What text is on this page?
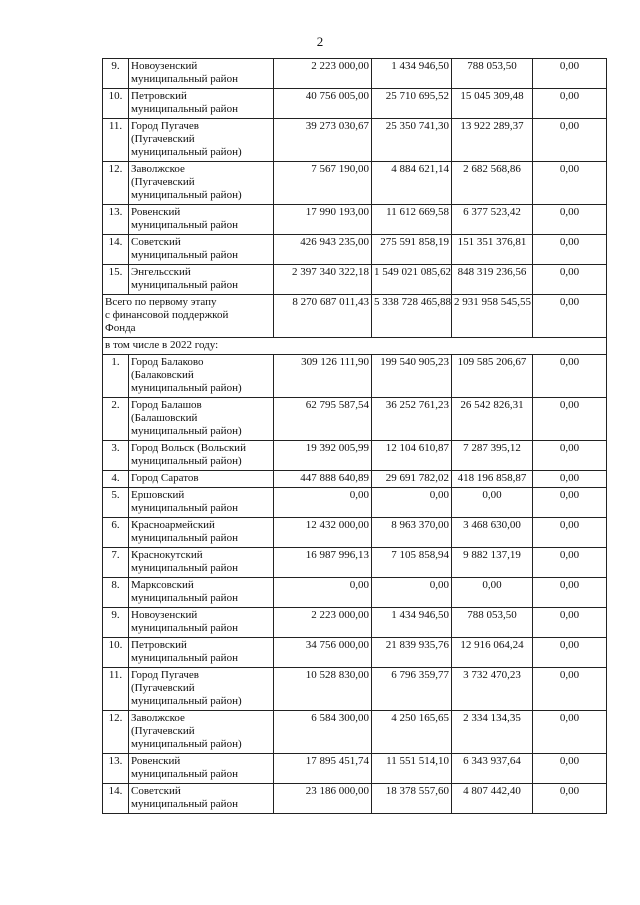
2
9.	Новоузенский
муниципальный район	2 223 000,00	1 434 946,50	788 053,50	0,00
10.	Петровский
муниципальный район	40 756 005,00	25 710 695,52	15 045 309,48	0,00
11.	Город Пугачев
(Пугачевский
муниципальный район)	39 273 030,67	25 350 741,30	13 922 289,37	0,00
12.	Заволжское
(Пугачевский
муниципальный район)	7 567 190,00	4 884 621,14	2 682 568,86	0,00
13.	Ровенский
муниципальный район	17 990 193,00	11 612 669,58	6 377 523,42	0,00
14.	Советский
муниципальный район	426 943 235,00	275 591 858,19	151 351 376,81	0,00
15.	Энгельсский
муниципальный район	2 397 340 322,18	1 549 021 085,62	848 319 236,56	0,00

Всего по первому этапу
с финансовой поддержкой
Фонда		8 270 687 011,43	5 338 728 465,88	2 931 958 545,55	0,00
в том числе в 2022 году:					
1.	Город Балаково
(Балаковский
муниципальный район)	309 126 111,90	199 540 905,23	109 585 206,67	0,00
2.	Город Балашов
(Балашовский
муниципальный район)	62 795 587,54	36 252 761,23	26 542 826,31	0,00
3.	Город Вольск (Вольский
муниципальный район)	19 392 005,99	12 104 610,87	7 287 395,12	0,00
4.	Город Саратов	447 888 640,89	29 691 782,02	418 196 858,87	0,00
5.	Ершовский
муниципальный район	0,00	0,00	0,00	0,00
6.	Красноармейский
муниципальный район	12 432 000,00	8 963 370,00	3 468 630,00	0,00
7.	Краснокутский
муниципальный район	16 987 996,13	7 105 858,94	9 882 137,19	0,00
8.	Марксовский
муниципальный район	0,00	0,00	0,00	0,00
9.	Новоузенский
муниципальный район	2 223 000,00	1 434 946,50	788 053,50	0,00
10.	Петровский
муниципальный район	34 756 000,00	21 839 935,76	12 916 064,24	0,00
11.	Город Пугачев
(Пугачевский
муниципальный район)	10 528 830,00	6 796 359,77	3 732 470,23	0,00
12.	Заволжское
(Пугачевский
муниципальный район)	6 584 300,00	4 250 165,65	2 334 134,35	0,00
13.	Ровенский
муниципальный район	17 895 451,74	11 551 514,10	6 343 937,64	0,00
14.	Советский
муниципальный район	23 186 000,00	18 378 557,60	4 807 442,40	0,00
